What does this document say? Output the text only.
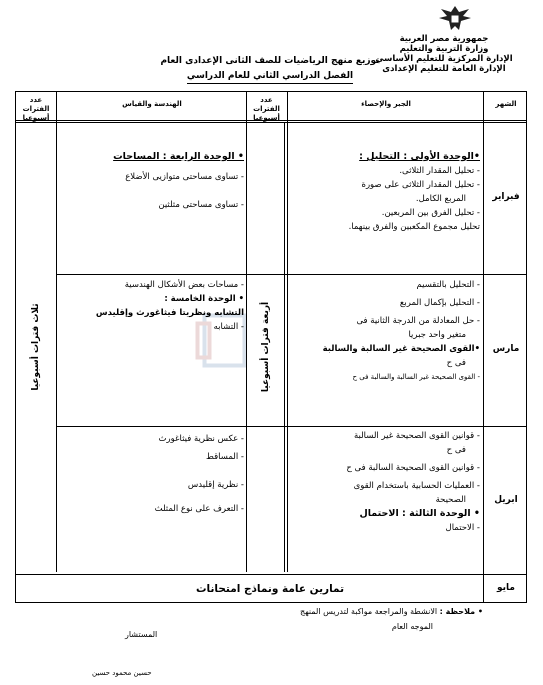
جمهورية مصر العربية
وزارة التربية والتعليم
الإدارة المركزية للتعليم الأساسي
الإدارة العامة للتعليم الإعدادى
توزيع منهج الرياضيات للصف الثانى الإعدادى العام
الفصل الدراسي الثاني للعام الدراسي
الشهر
الجبر والإحصاء
عدد الفترات أسبوعيا
الهندسة والقياس
عدد الفترات أسبوعيا
فبراير
مارس
ابريل
مايو
•الوحدة الأولى : التحليل :
- تحليل المقدار الثلاثى.
- تحليل المقدار الثلاثى على صورة
المربع الكامل.
- تحليل الفرق بين المربعين.
تحليل مجموع المكعبين والفرق بينهما.
• الوحدة الرابعة : المساحات
- تساوى مساحتى متوازيى الأضلاع
- تساوى مساحتى مثلثين
- التحليل بالتقسيم
- التحليل بإكمال المربع
- حل المعادلة من الدرجة الثانية فى
متغير واحد جبريا
•القوى الصحيحة غير السالبة والسالبة
فى ح
- القوى الصحيحة غير السالبة والسالبة فى ح
- مساحات بعض الأشكال الهندسية
• الوحدة الخامسة :
التشابه ونظريتا فيثاغورث وإقليدس
- التشابه
- قوانين القوى الصحيحة غير السالبة
فى ح
- قوانين القوى الصحيحة السالبة فى ح
- العمليات الحسابية باستخدام القوى
الصحيحة
• الوحدة الثالثة : الاحتمال
- الاحتمال
- عكس نظرية فيثاغورث
- المساقط
- نظرية إقليدس
- التعرف على نوع المثلث
تمارين عامة ونماذج امتحانات
أربعة فترات أسبوعيا
ثلاث فترات أسبوعيا
• ملاحظة : الانشطة والمراجعة مواكبة لتدريس المنهج
الموجه العام
المستشار
حسين محمود حسين
